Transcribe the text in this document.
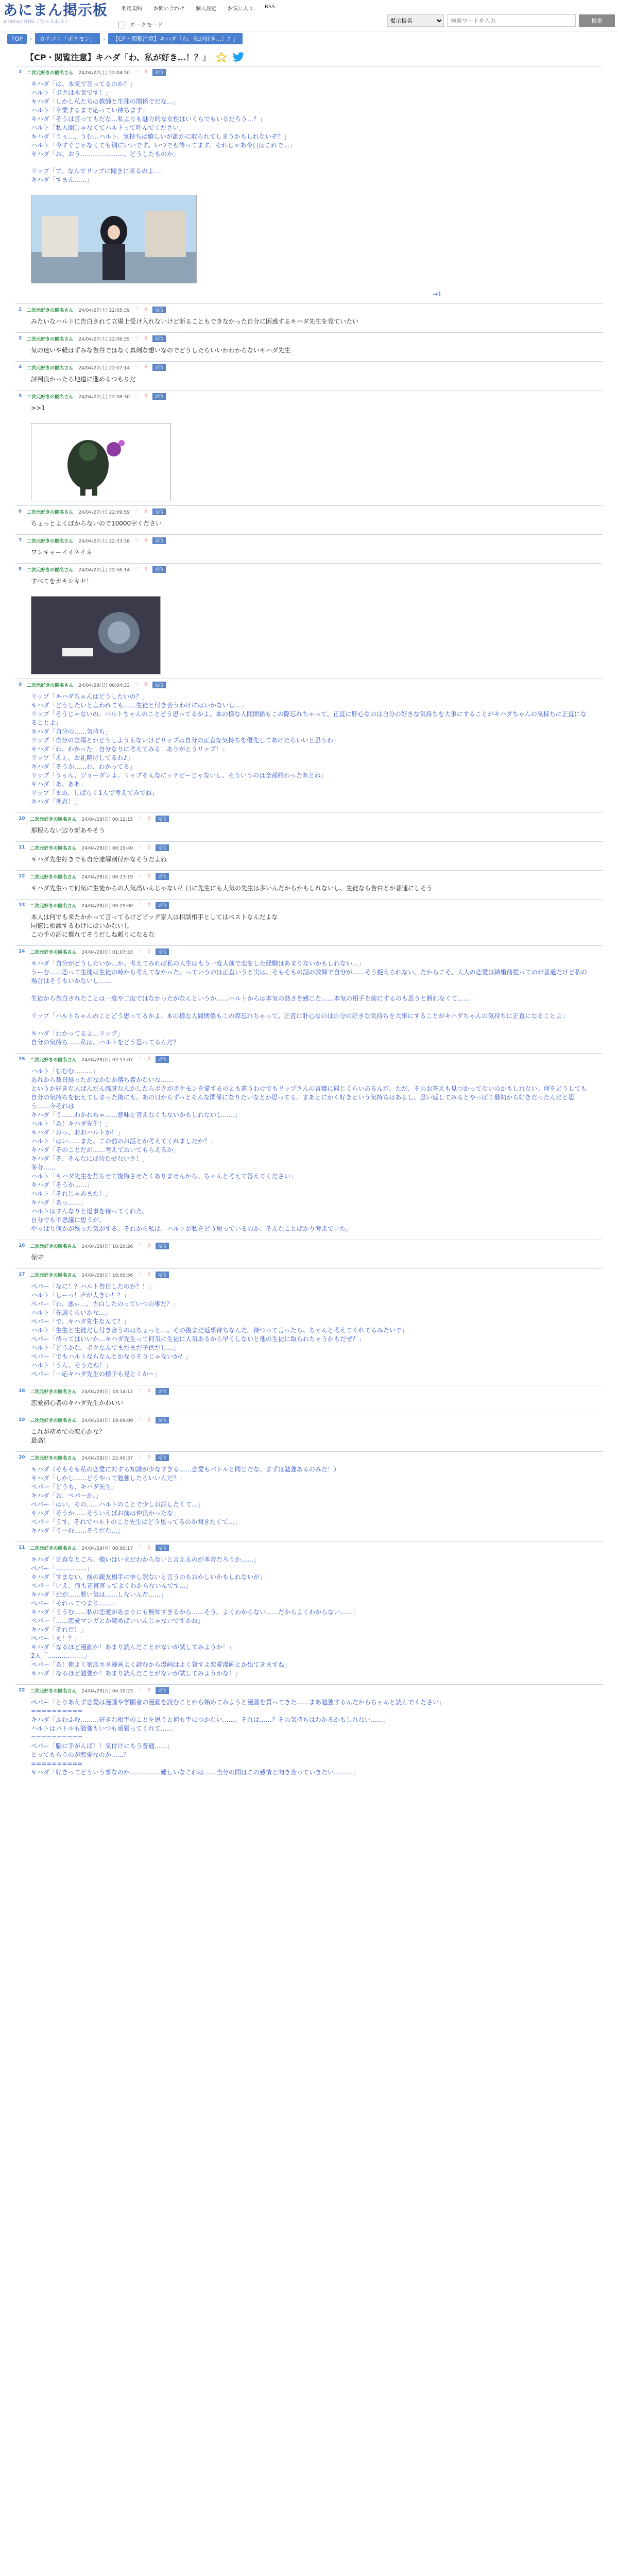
あにまん掲示板
animan BBS（ちゃんねる）
利用規約 お問い合わせ 個人設定 お気に入り RSS
ダークモード
掲示板名
検索ワードを入力
検索
TOP	›	カテゴリ「ポケモン」	›	【CP・閲覧注意】キハダ「わ、私が好き…！？」
【CP・閲覧注意】キハダ「わ、私が好き…！？」
1 二次元好きの匿名さん 24/04/27(土) 22:04:50 ♡ 0	返信
キハダ「は、本気で言ってるのか？」
ハルト「ボクは本気です！」
キハダ「しかし私たちは教師と生徒の関係でだな…」
ハルト「卒業するまで応ってい待ちます」
キハダ「そうは言ってもだな…私よりも魅力的な女性はいくらでもいるだろう…？」
ハルト「私入間じゃなくてハルトって呼んでください」
キハダ「うぅ…、うむ…ハルト、気持ちは嬉しいが誰かに取られてしまうかもしれないぞ？」
ハルト「今すぐじゃなくても別にいいです。いつでも待ってます。それじゃあ今日はこれで…」
キハダ「お、おう…………………、どうしたものか」
リップ「で、なんでリップに聞きに来るのよ…」
キハダ「すまん……」
　　　　　　　　　　　　　　　　　　　　　　　　　　　　　　　　　　　　　　　　　　　　　　　　　　　　　　　　　　　　　　　　　→1
2 二次元好きの匿名さん 24/04/27(土) 22:05:39 ♡ 0	返信
みたいなハルトに告白されて立場上受け入れないけど断ることもできなかった自分に困惑するキハダ先生を見ていたい
3 二次元好きの匿名さん 24/04/27(土) 22:06:35 ♡ 0	返信
気の迷いや軽はずみな告白ではなく真剣な想いなのでどうしたらいいかわからないキハダ先生
4 二次元好きの匿名さん 24/04/27(土) 22:07:14 ♡ 0	返信
評判良かったら地道に進めるつもりだ
5 二次元好きの匿名さん 24/04/27(土) 22:08:30 ♡ 0	返信
>>1
6 二次元好きの匿名さん 24/04/27(土) 22:09:59 ♡ 0	返信
ちょっとよくばからないので10000字ください
7 二次元好きの匿名さん 24/04/27(土) 22:33:38 ♡ 0	返信
ワンキャーイイネイネ
8 二次元好きの匿名さん 24/04/27(土) 22:56:14 ♡ 0	返信
すべてをカキシキセ！！
9 二次元好きの匿名さん 24/04/28(日) 00:04:33 ♡ 0	返信
リップ「キハダちゃんはどうしたいの？」
キハダ「どうしたいと言われても……生徒と付き合うわけにはいかないし…」
リップ「そうじゃないの。ハルトちゃんのことどう思ってるかよ。本の様な人間関係もこの際忘れちゃって。正直に肝心なのは自分の好きな気持ちを大事にすることがキハダちゃんの気持ちに正直になることよ」
キハダ「自分の……気持ち」
リップ「自分の立場とかどうしようもないけどリップは自分の正直な気持ちを優先してあげたらいいと思うわ」
キハダ「わ、わかった！自分なりに考えてみる！ありがとうリップ！」
リップ「えぇ、お礼期待してるわ♪」
キハダ「そうか……わ、わかってる」
リップ「うぅん、ジョーダンよ。リップそんなにヶチビーじゃないし、そういうのは全部終わったあとね」
キハダ「あ、ああ」
リップ「まあ、しばらく1人で考えてみてね」
キハダ「押忍！」
10 二次元好きの匿名さん 24/04/28(日) 00:12:15 ♡ 0	返信
那根らない辺り新あやそう
11 二次元好きの匿名さん 24/04/28(日) 00:19:40 ♡ 0	返信
キハダ先生好きでも自分達解剖付かなそうだよね
12 二次元好きの匿名さん 24/04/28(日) 00:23:19 ♡ 0	返信
キハダ先生って何気に生徒からの人気高いんじゃない？日に先生にも人気の先生は多いんだからかもしれないし、生徒なら告白とか普通にしそう
13 二次元好きの匿名さん 24/04/28(日) 00:29:00 ♡ 0	返信
本人は何でも来たかかって言ってるけどビッグ家人は相談相手としてはベストなんだよな
同僚に相談するわけにはいかないし
この手の話に慣れてそうだしね頼りになるな
14 二次元好きの匿名さん 24/04/28(日) 01:07:33 ♡ 0	返信
キハダ「自分がどうしたいか…か。考えてみれば私の人生はもう一度人前で恋をした経験はあまりないかもしれない…」
うーむ……恋って生徒は生徒の時から考えてなかった、っていうのは正直いうと実は、そもそもの話の教師で自分が……そう捉えられない。だからこそ、大人の恋愛は結婚前提ってのが普通だけど私の場合はそうもいかないし……

生徒から告白されたことは一度や二度ではなかったがなんというか……ハルトからは本気の熱さを感じた……本気の相手を前にするのも思うと断れなくて……

リップ「ハルトちゃんのことどう思ってるかよ。本の様な人間関係もこの際忘れちゃって。正直に肝心なのは自分の好きな気持ちを大事にすることがキハダちゃんの気持ちに正直になることよ」

キハダ「わかってるよ…リップ」
自分の気持ち……私は、ハルトをどう思ってるんだ？
15 二次元好きの匿名さん 24/04/28(日) 02:51:07 ♡ 0	返信
ハルト「むむむ………」
あれから数日経ったがなかなか落ち着かないな……
というか好きな人ばんだん感覚なんかしたらボクがポケモンを愛するのとも違うわけでもリップさんの言葉に同じくらいあるんだ。ただ、そのお答えも見つかってないのかもしれない。何をどうしても自分の気持ちを伝えてしまった後にも、あの日からずっとそんな関係になりたいなとか思ってる。まあとにかく好きという気持ちはあるし、思い返してみるとやっぱり最初から好きだったんだと思う……今それは
キハダ「う……わかれちゃ……意味と言えなくもないかもしれないし……」
ハルト「あ！キハダ先生！」
キハダ「おっ、おおハルトか！」
ハルト「はい……また、この前のお話とか考えてくれましたか？」
キハダ「そのことだが……考えておいてもらえるか」
キハダ「そ、そんなには待たせないさ！」
多分……
ハルト「キハダ先生を焦らせて後悔させたくありませんから。ちゃんと考えて答えてください」
キハダ「そうか……」
ハルト「それじゃあまた！」
キハダ「あっ……」
ハルトはすんなりと返事を待ってくれた。
自分でも不思議に思うが、
やっぱり何かが残った気がする。それから私は、ハルトが私をどう思っているのか、そんなことばかり考えていた。
16 二次元好きの匿名さん 24/04/28(日) 10:20:26 ♡ 0	返信
保守
17 二次元好きの匿名さん 24/04/28(日) 16:00:56 ♡ 0	返信
ペパー「なに！？ハルト告白したのか？！」
ハルト「しーっ！声が大きい！？」
ペパー「わ、悪ぃ…、告白したのっていつの事だ？」
ハルト「先週くらいかな…」
ペパー「で、キハダ先生なんて？」
ハルト「生生と生徒だし付き合うのはちょっと…。その後まだ返事待ちなんだ。待つって言ったら、ちゃんと考えてくれてるみたいで」
ペパー「待ってはいいか…キハダ先生って何気に生徒に人気あるから早くしないと他の生徒に取られちゃうかもだぜ？」
ハルト「どうかな。ボクなんてまだまだ子供だし…」
ペパー「でもハルトならなんとかなりそうじゃないか？」
ハルト「うん、そうだね！」
ペパー「一応キハダ先生の様子も見とくか～」
18 二次元好きの匿名さん 24/04/28(日) 18:14:12 ♡ 0	返信
恋愛初心者のキハダ先生かわいい
19 二次元好きの匿名さん 24/04/28(日) 19:09:09 ♡ 0	返信
これが初めての恋心かな？
最高！
20 二次元好きの匿名さん 24/04/28(日) 22:40:37 ♡ 0	返信
キハダ（そもそも私の恋愛に対する知識が少なすぎる……恋愛もバトルと同じだな。まずは勉強あるのみだ！）
キハダ「しかし……どうやって勉強したらいいんだ？」
ペパー「どうも、キハダ先生」
キハダ「お、ペパーか。」
ペパー「はい。その……ハルトのことで少しお話したくて…」
キハダ「そうか……そういえばお前は仲良かったな」
ペパー「うす。それでハルトのこと先生はどう思ってるのか聞きたくて…」
キハダ「うーむ……そうだな…」
21 二次元好きの匿名さん 24/04/29(月) 00:00:17 ♡ 0	返信
キハダ「正直なところ、強いはいまだわからないと言えるのが本音だろうか……」
ペパー「……………」
キハダ「すまない。前の親友相手に申し訳ないと言うのもおかしいかもしれないが」
ペパー「いえ、俺も正直言ってよくわからないんです…」
キハダ「だが……悪い気は……しないんだ……」
ペパー「それってつまり……」
キハダ「ううむ……私の恋愛があまりにも無知すぎるから……そう、よくわからない……だからよくわからない……」
ペパー「……恋愛マンガとか読めばいいんじゃないですかね」
キハダ「それだ！」
ペパー「え！？」
キハダ「なるほど漫画か！あまり読んだことがないが試してみようか！」
2人「………………」
ペパー「あ！俺よく家族ネタ漫画よく読むから漫画はよく貸すよ恋愛漫画とか出てきますね」
キハダ「なるほど勉強か！あまり読んだことがないが試してみようかな！」
22 二次元好きの匿名さん 24/04/29(月) 04:10:23 ♡ 0	返信
ペパー「とりあえず恋愛は漫画や学園者の漫画を読むことから始めてみようと漫画を買ってきた……まあ勉強するんだからちゃんと読んでください」
==========
キハダ「ふむふむ………好きな相手のことを思うと何も手につかない……。それは……？その気持ちはわかるかもしれない……」
ハルトはバトルも勉強もいつも頑張ってくれて……
==========
ペパー「脳に手がんぱ！！気付けにもう普通……」
とってもらうのが恋愛なのか……？
==========
キハダ「好きってどういう事なのか……………難しいなこれは……当分の間はこの感情と向き合っていきたい………」
